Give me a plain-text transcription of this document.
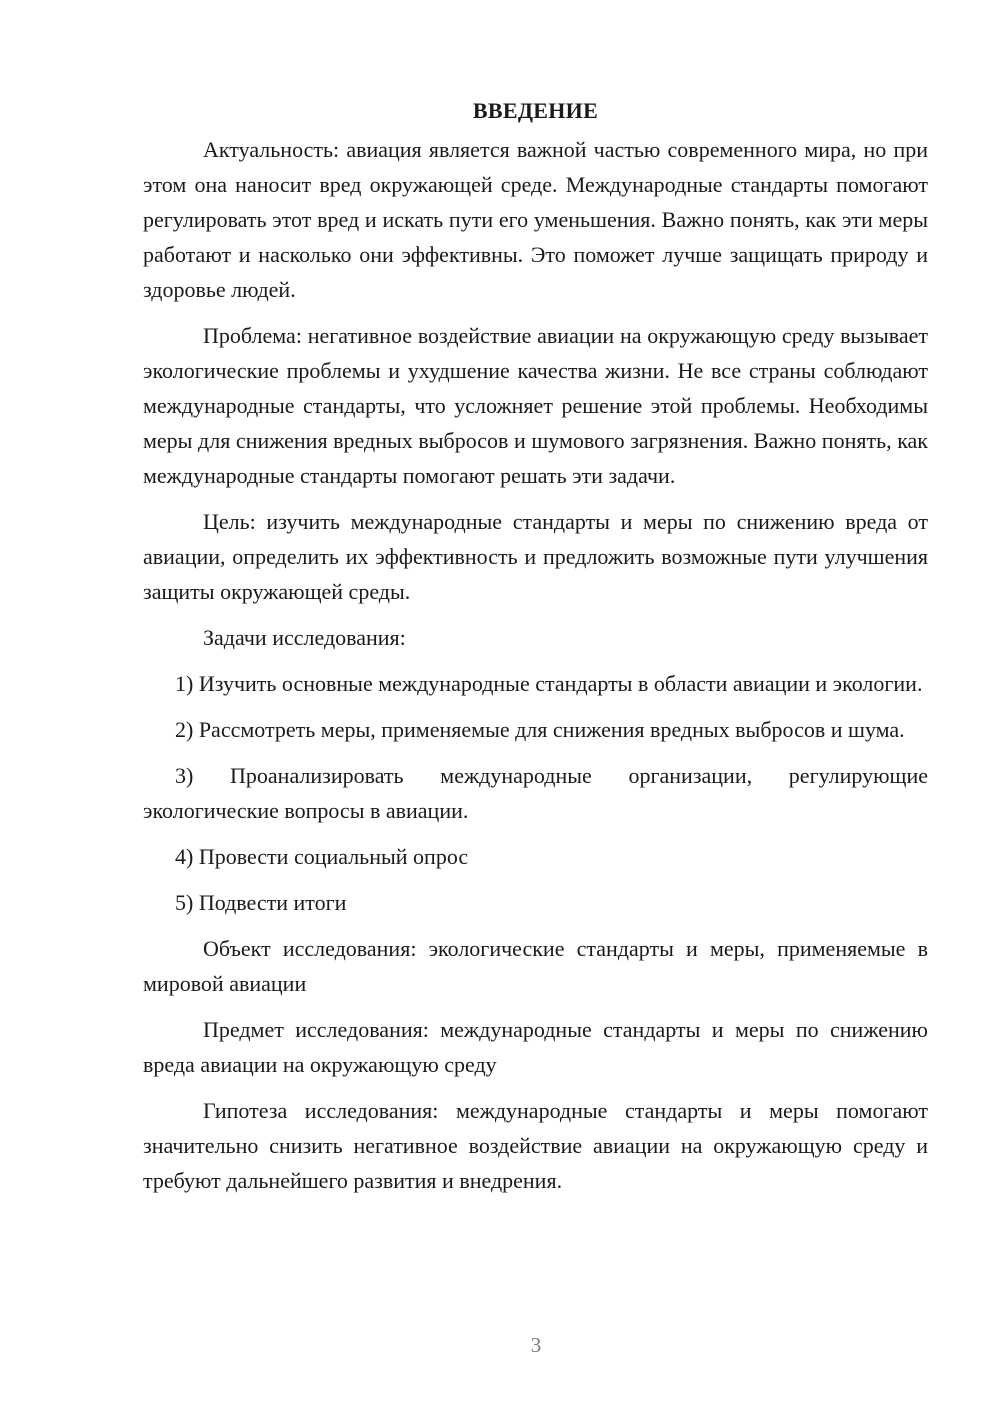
ВВЕДЕНИЕ

Актуальность: авиация является важной частью современного мира, но при этом она наносит вред окружающей среде. Международные стандарты помогают регулировать этот вред и искать пути его уменьшения. Важно понять, как эти меры работают и насколько они эффективны. Это поможет лучше защищать природу и здоровье людей.

Проблема: негативное воздействие авиации на окружающую среду вызывает экологические проблемы и ухудшение качества жизни. Не все страны соблюдают международные стандарты, что усложняет решение этой проблемы. Необходимы меры для снижения вредных выбросов и шумового загрязнения. Важно понять, как международные стандарты помогают решать эти задачи.

Цель: изучить международные стандарты и меры по снижению вреда от авиации, определить их эффективность и предложить возможные пути улучшения защиты окружающей среды.

Задачи исследования:

1) Изучить основные международные стандарты в области авиации и экологии.

2) Рассмотреть меры, применяемые для снижения вредных выбросов и шума.

3) Проанализировать международные организации, регулирующие экологические вопросы в авиации.

4) Провести социальный опрос

5) Подвести итоги

Объект исследования: экологические стандарты и меры, применяемые в мировой авиации

Предмет исследования: международные стандарты и меры по снижению вреда авиации на окружающую среду

Гипотеза исследования: международные стандарты и меры помогают значительно снизить негативное воздействие авиации на окружающую среду и требуют дальнейшего развития и внедрения.

3
